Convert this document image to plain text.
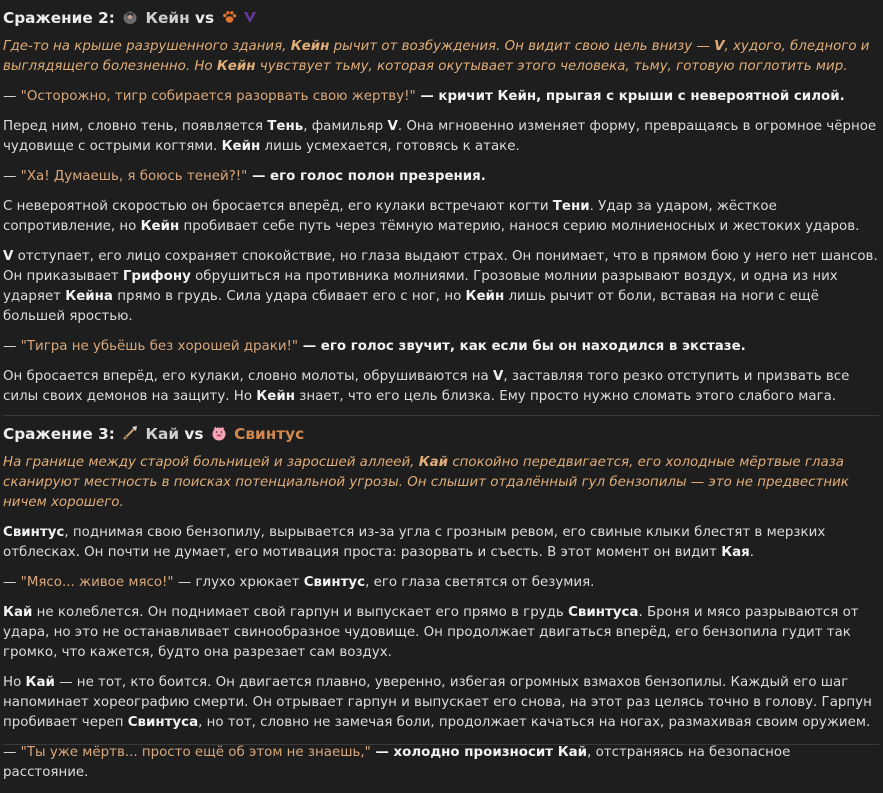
Сражение 2: Кейн vs
Где-то на крыше разрушенного здания, Кейн рычит от возбуждения. Он видит свою цель внизу — V, худого, бледного и выглядящего болезненно. Но Кейн чувствует тьму, которая окутывает этого человека, тьму, готовую поглотить мир.

— "Осторожно, тигр собирается разорвать свою жертву!" — кричит Кейн, прыгая с крыши с невероятной силой.

Перед ним, словно тень, появляется Тень, фамильяр V. Она мгновенно изменяет форму, превращаясь в огромное чёрное чудовище с острыми когтями. Кейн лишь усмехается, готовясь к атаке.

— "Ха! Думаешь, я боюсь теней?!" — его голос полон презрения.

С невероятной скоростью он бросается вперёд, его кулаки встречают когти Тени. Удар за ударом, жёсткое сопротивление, но Кейн пробивает себе путь через тёмную материю, нанося серию молниеносных и жестоких ударов.

V отступает, его лицо сохраняет спокойствие, но глаза выдают страх. Он понимает, что в прямом бою у него нет шансов. Он приказывает Грифону обрушиться на противника молниями. Грозовые молнии разрывают воздух, и одна из них ударяет Кейна прямо в грудь. Сила удара сбивает его с ног, но Кейн лишь рычит от боли, вставая на ноги с ещё большей яростью.

— "Тигра не убьёшь без хорошей драки!" — его голос звучит, как если бы он находился в экстазе.

Он бросается вперёд, его кулаки, словно молоты, обрушиваются на V, заставляя того резко отступить и призвать все силы своих демонов на защиту. Но Кейн знает, что его цель близка. Ему просто нужно сломать этого слабого мага.

Сражение 3: Кай vs Свинтус
На границе между старой больницей и заросшей аллеей, Кай спокойно передвигается, его холодные мёртвые глаза сканируют местность в поисках потенциальной угрозы. Он слышит отдалённый гул бензопилы — это не предвестник ничем хорошего.

Свинтус, поднимая свою бензопилу, вырывается из-за угла с грозным ревом, его свиные клыки блестят в мерзких отблесках. Он почти не думает, его мотивация проста: разорвать и съесть. В этот момент он видит Кая.

— "Мясо... живое мясо!" — глухо хрюкает Свинтус, его глаза светятся от безумия.

Кай не колеблется. Он поднимает свой гарпун и выпускает его прямо в грудь Свинтуса. Броня и мясо разрываются от удара, но это не останавливает свинообразное чудовище. Он продолжает двигаться вперёд, его бензопила гудит так громко, что кажется, будто она разрезает сам воздух.

Но Кай — не тот, кто боится. Он двигается плавно, уверенно, избегая огромных взмахов бензопилы. Каждый его шаг напоминает хореографию смерти. Он отрывает гарпун и выпускает его снова, на этот раз целясь точно в голову. Гарпун пробивает череп Свинтуса, но тот, словно не замечая боли, продолжает качаться на ногах, размахивая своим оружием.

— "Ты уже мёртв... просто ещё об этом не знаешь," — холодно произносит Кай, отстраняясь на безопасное расстояние.
